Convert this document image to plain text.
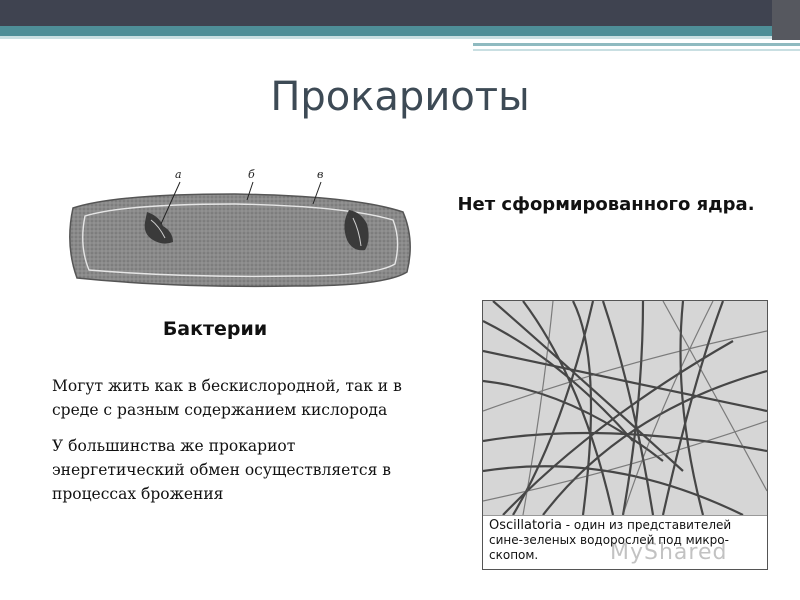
Прокариоты
а	б	в
Бактерии
Нет сформированного ядра.

Могут жить как в бескислородной, так и в среде с разным содержанием кислорода

У большинства же прокариот энергетический обмен осуществляется в процессах брожения

Oscillatoria - один из представителей сине-зеленых водорослей под микро-скопом.	MyShared
